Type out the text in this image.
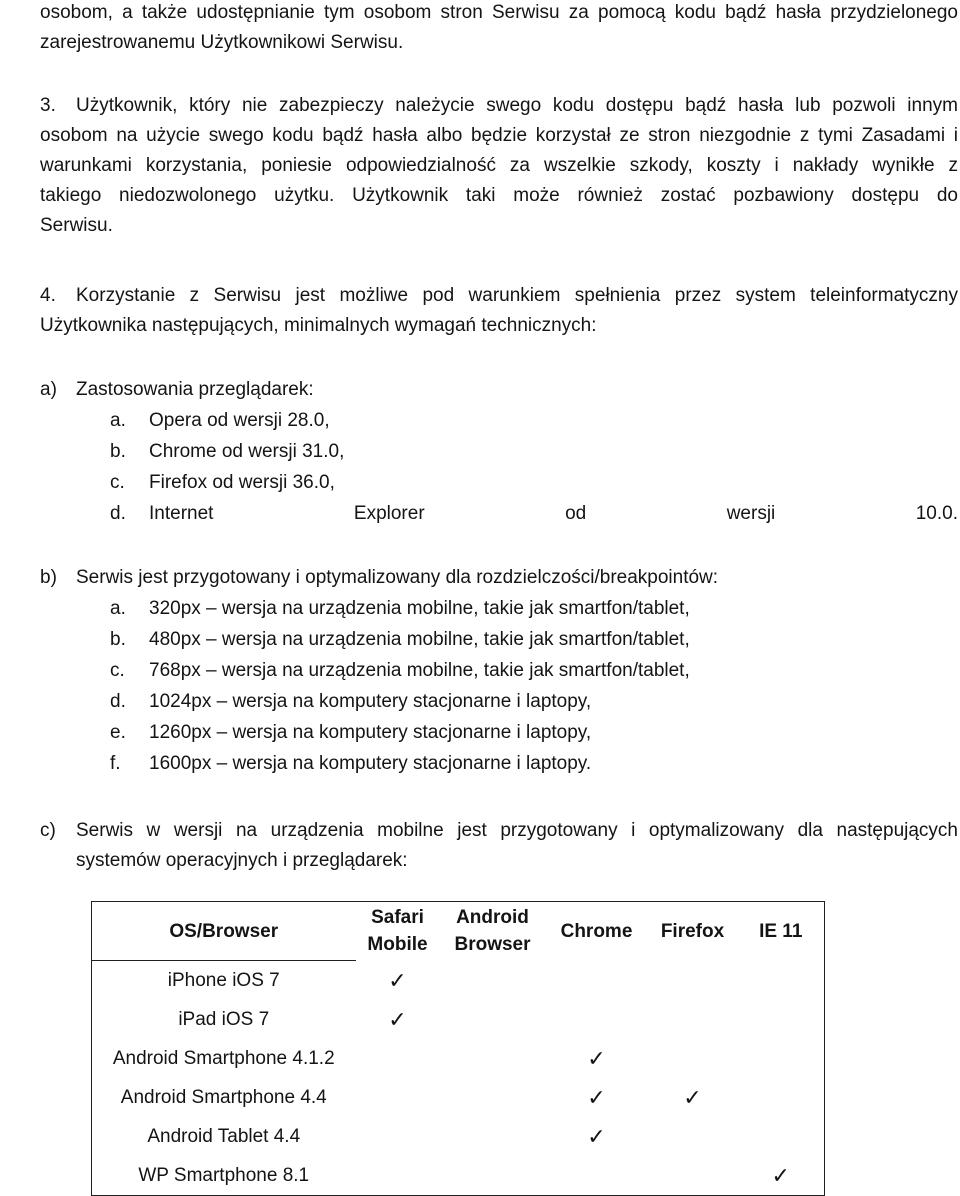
osobom, a także udostępnianie tym osobom stron Serwisu za pomocą kodu bądź hasła przydzielonego

zarejestrowanemu Użytkownikowi Serwisu.

3.	Użytkownik, który nie zabezpieczy należycie swego kodu dostępu bądź hasła lub pozwoli innym

osobom na użycie swego kodu bądź hasła albo będzie korzystał ze stron niezgodnie z tymi Zasadami i

warunkami korzystania, poniesie odpowiedzialność za wszelkie szkody, koszty i nakłady wynikłe z

takiego niedozwolonego użytku. Użytkownik taki może również zostać pozbawiony dostępu do

Serwisu.

4.	Korzystanie z Serwisu jest możliwe pod warunkiem spełnienia przez system teleinformatyczny

Użytkownika następujących, minimalnych wymagań technicznych:

a) Zastosowania przeglądarek:

a.	Opera od wersji 28.0,
b.	Chrome od wersji 31.0,
c.	Firefox od wersji 36.0,
d.	Internet Explorer od wersji 10.0.

b) Serwis jest przygotowany i optymalizowany dla rozdzielczości/breakpointów:

a.	320px – wersja na urządzenia mobilne, takie jak smartfon/tablet,
b.	480px – wersja na urządzenia mobilne, takie jak smartfon/tablet,
c.	768px – wersja na urządzenia mobilne, takie jak smartfon/tablet,
d.	1024px – wersja na komputery stacjonarne i laptopy,
e.	1260px – wersja na komputery stacjonarne i laptopy,
f.	1600px – wersja na komputery stacjonarne i laptopy.

c)	Serwis w wersji na urządzenia mobilne jest przygotowany i optymalizowany dla następujących

systemów operacyjnych i przeglądarek:

OS/Browser	Safari Mobile	Android Browser	Chrome	Firefox	IE 11
iPhone iOS 7	✓				
iPad iOS 7	✓				
Android Smartphone 4.1.2			✓		
Android Smartphone 4.4			✓	✓	
Android Tablet 4.4			✓		
WP Smartphone 8.1					✓
